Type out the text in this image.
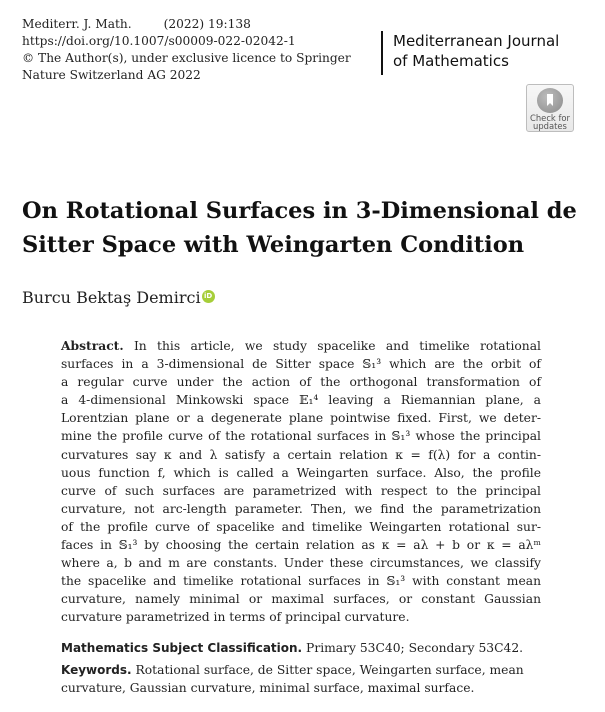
Mediterr. J. Math.	(2022) 19:138
https://doi.org/10.1007/s00009-022-02042-1
© The Author(s), under exclusive licence to Springer
Nature Switzerland AG 2022
Mediterranean Journal
of Mathematics
Check for
updates
On Rotational Surfaces in 3-Dimensional de
Sitter Space with Weingarten Condition
Burcu Bektaş Demirci iD
Abstract. In this article, we study spacelike and timelike rotational
surfaces in a 3-dimensional de Sitter space 𝕊₁³ which are the orbit of
a regular curve under the action of the orthogonal transformation of
a 4-dimensional Minkowski space 𝔼₁⁴ leaving a Riemannian plane, a
Lorentzian plane or a degenerate plane pointwise fixed. First, we deter-
mine the profile curve of the rotational surfaces in 𝕊₁³ whose the principal
curvatures say κ and λ satisfy a certain relation κ = f(λ) for a contin-
uous function f, which is called a Weingarten surface. Also, the profile
curve of such surfaces are parametrized with respect to the principal
curvature, not arc-length parameter. Then, we find the parametrization
of the profile curve of spacelike and timelike Weingarten rotational sur-
faces in 𝕊₁³ by choosing the certain relation as κ = aλ + b or κ = aλᵐ
where a, b and m are constants. Under these circumstances, we classify
the spacelike and timelike rotational surfaces in 𝕊₁³ with constant mean
curvature, namely minimal or maximal surfaces, or constant Gaussian
curvature parametrized in terms of principal curvature.
Mathematics Subject Classification. Primary 53C40; Secondary 53C42.
Keywords. Rotational surface, de Sitter space, Weingarten surface, mean
curvature, Gaussian curvature, minimal surface, maximal surface.
